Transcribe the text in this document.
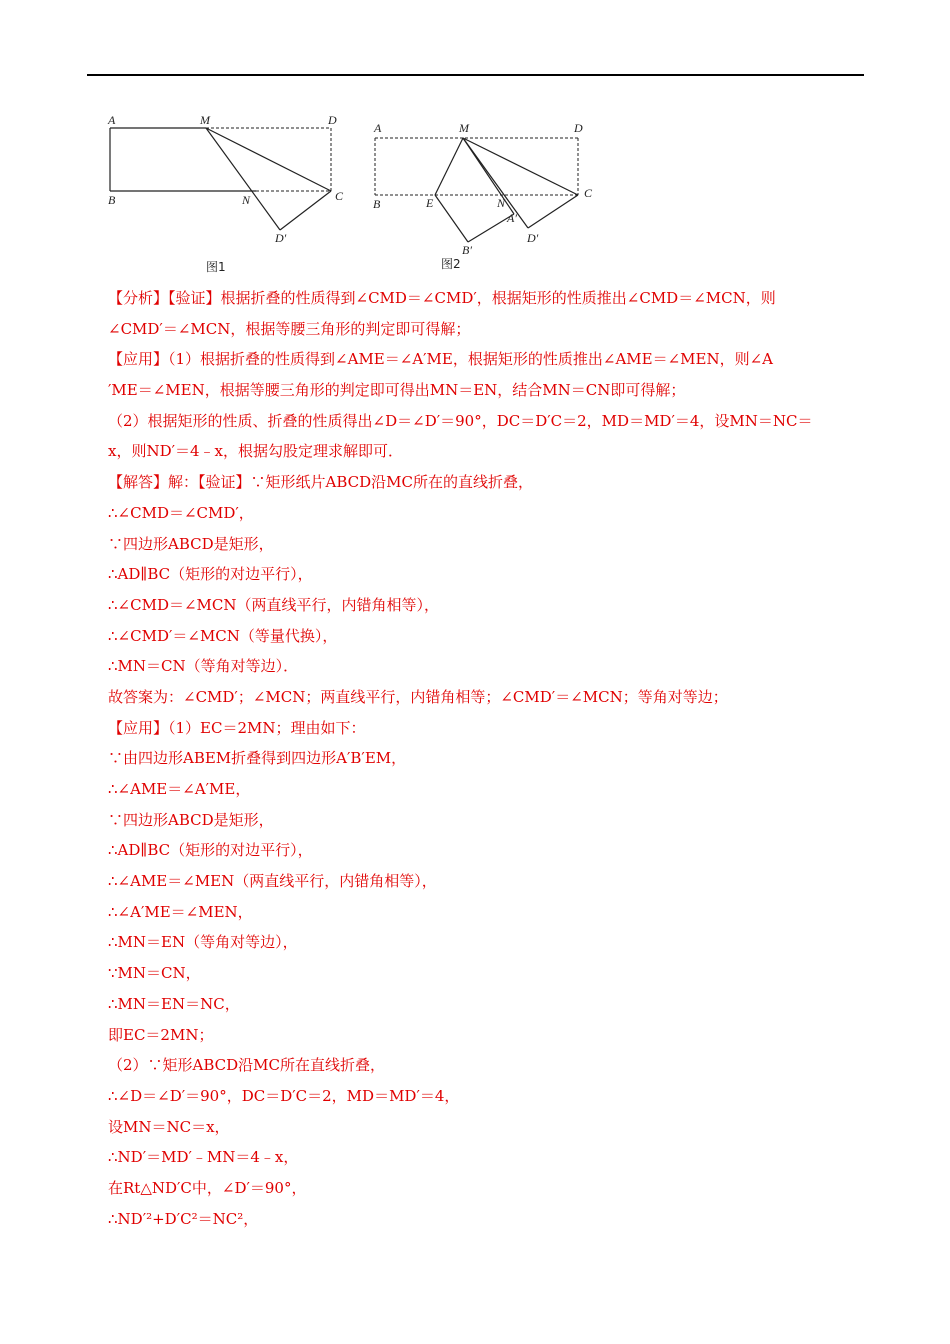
A	M	D
B	N	C
D′
图1
A	M	D
B	E	N
A′
C
B′
D′
图2
【分析】【验证】根据折叠的性质得到∠CMD＝∠CMD′，根据矩形的性质推出∠CMD＝∠MCN，则
∠CMD′＝∠MCN，根据等腰三角形的判定即可得解；
【应用】（1）根据折叠的性质得到∠AME＝∠A′ME，根据矩形的性质推出∠AME＝∠MEN，则∠A
′ME＝∠MEN，根据等腰三角形的判定即可得出MN＝EN，结合MN＝CN即可得解；
（2）根据矩形的性质、折叠的性质得出∠D＝∠D′＝90°，DC＝D′C＝2，MD＝MD′＝4，设MN＝NC＝
x，则ND′＝4﹣x，根据勾股定理求解即可．
【解答】解：【验证】∵矩形纸片ABCD沿MC所在的直线折叠，
∴∠CMD＝∠CMD′，
∵四边形ABCD是矩形，
∴AD∥BC（矩形的对边平行），
∴∠CMD＝∠MCN（两直线平行，内错角相等），
∴∠CMD′＝∠MCN（等量代换），
∴MN＝CN（等角对等边）．
故答案为：∠CMD′；∠MCN；两直线平行，内错角相等；∠CMD′＝∠MCN；等角对等边；
【应用】（1）EC＝2MN；理由如下：
∵由四边形ABEM折叠得到四边形A′B′EM，
∴∠AME＝∠A′ME，
∵四边形ABCD是矩形，
∴AD∥BC（矩形的对边平行），
∴∠AME＝∠MEN（两直线平行，内错角相等），
∴∠A′ME＝∠MEN，
∴MN＝EN（等角对等边），
∵MN＝CN，
∴MN＝EN＝NC，
即EC＝2MN；
（2）∵矩形ABCD沿MC所在直线折叠，
∴∠D＝∠D′＝90°，DC＝D′C＝2，MD＝MD′＝4，
设MN＝NC＝x，
∴ND′＝MD′﹣MN＝4﹣x，
在Rt△ND′C中，∠D′＝90°，
∴ND′²+D′C²＝NC²，
